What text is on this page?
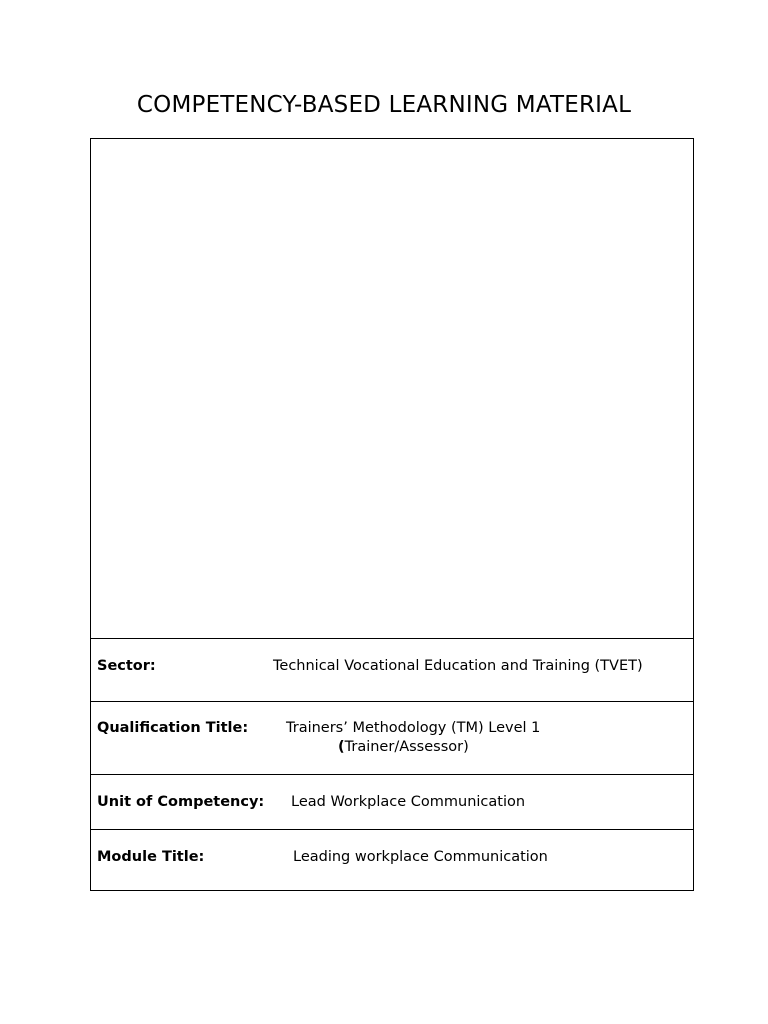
COMPETENCY-BASED LEARNING MATERIAL
Sector:	Technical Vocational Education and Training (TVET)
Qualification Title:	Trainers’ Methodology (TM) Level 1
(Trainer/Assessor)
Unit of Competency: Lead Workplace Communication
Module Title:	Leading workplace Communication
